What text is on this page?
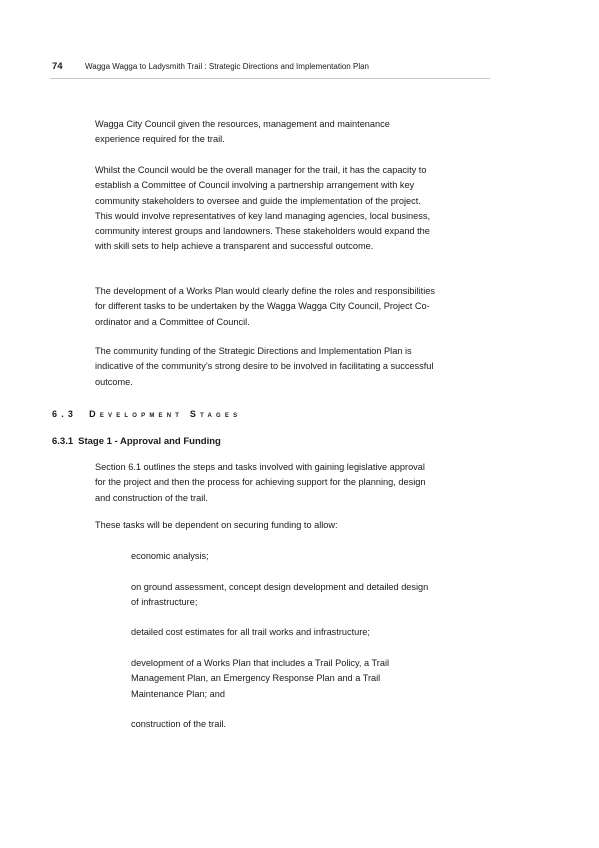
74	Wagga Wagga to Ladysmith Trail : Strategic Directions and Implementation Plan

Wagga City Council given the resources, management and maintenance experience required for the trail.

Whilst the Council would be the overall manager for the trail, it has the capacity to establish a Committee of Council involving a partnership arrangement with key community stakeholders to oversee and guide the implementation of the project. This would involve representatives of key land managing agencies, local business, community interest groups and landowners. These stakeholders would expand the with skill sets to help achieve a transparent and successful outcome.

The development of a Works Plan would clearly define the roles and responsibilities for different tasks to be undertaken by the Wagga Wagga City Council, Project Co-ordinator and a Committee of Council.

The community funding of the Strategic Directions and Implementation Plan is indicative of the community’s strong desire to be involved in facilitating a successful outcome.

6.3 Development Stages
6.3.1 Stage 1 - Approval and Funding

Section 6.1 outlines the steps and tasks involved with gaining legislative approval for the project and then the process for achieving support for the planning, design and construction of the trail.

These tasks will be dependent on securing funding to allow:

economic analysis;
on ground assessment, concept design development and detailed design of infrastructure;
detailed cost estimates for all trail works and infrastructure;
development of a Works Plan that includes a Trail Policy, a Trail Management Plan, an Emergency Response Plan and a Trail Maintenance Plan; and
construction of the trail.
